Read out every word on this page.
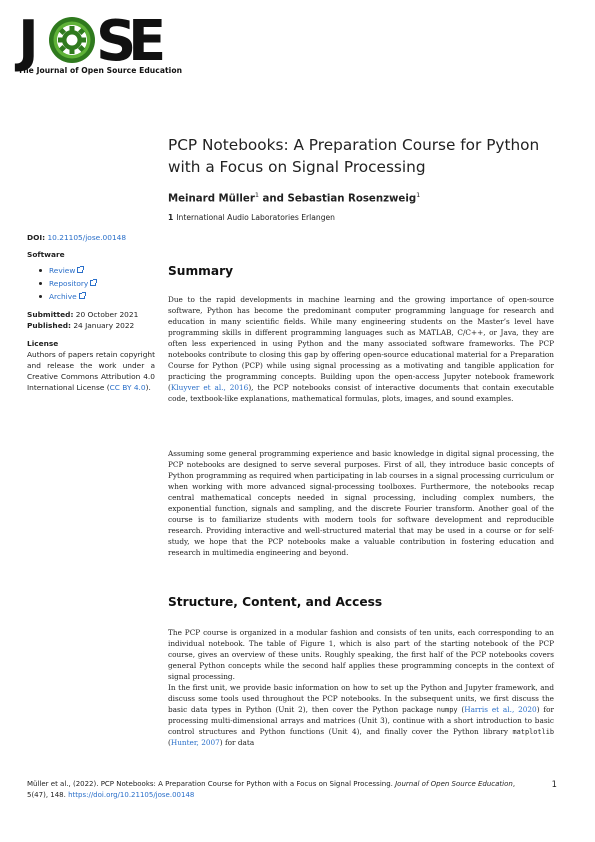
J S
E
The Journal of Open Source Education
PCP Notebooks: A Preparation Course for Python with a Focus on Signal Processing
Meinard Müller$^1$ and Sebastian Rosenzweig$^1$
1 International Audio Laboratories Erlangen
DOI: 10.21105/jose.00148
Software
Review
Repository
Archive
Submitted: 20 October 2021
Published: 24 January 2022
License
Authors of papers retain copyright and release the work under a Creative Commons Attribution 4.0 International License (CC BY 4.0).
Summary

Due to the rapid developments in machine learning and the growing importance of open-source software, Python has become the predominant computer programming language for research and education in many scientific fields. While many engineering students on the Master’s level have programming skills in different programming languages such as MATLAB, C/C++, or Java, they are often less experienced in using Python and the many associated software frameworks. The PCP notebooks contribute to closing this gap by offering open-source educational material for a Preparation Course for Python (PCP) while using signal processing as a motivating and tangible application for practicing the programming concepts. Building upon the open-access Jupyter notebook framework (Kluyver et al., 2016), the PCP notebooks consist of interactive documents that contain executable code, textbook-like explanations, mathematical formulas, plots, images, and sound examples.

Assuming some general programming experience and basic knowledge in digital signal processing, the PCP notebooks are designed to serve several purposes. First of all, they introduce basic concepts of Python programming as required when participating in lab courses in a signal processing curriculum or when working with more advanced signal-processing toolboxes. Furthermore, the notebooks recap central mathematical concepts needed in signal processing, including complex numbers, the exponential function, signals and sampling, and the discrete Fourier transform. Another goal of the course is to familiarize students with modern tools for software development and reproducible research. Providing interactive and well-structured material that may be used in a course or for self-study, we hope that the PCP notebooks make a valuable contribution in fostering education and research in multimedia engineering and beyond.

Structure, Content, and Access

The PCP course is organized in a modular fashion and consists of ten units, each corresponding to an individual notebook. The table of Figure 1, which is also part of the starting notebook of the PCP course, gives an overview of these units. Roughly speaking, the first half of the PCP notebooks covers general Python concepts while the second half applies these programming concepts in the context of signal processing.

In the first unit, we provide basic information on how to set up the Python and Jupyter framework, and discuss some tools used throughout the PCP notebooks. In the subsequent units, we first discuss the basic data types in Python (Unit 2), then cover the Python package numpy (Harris et al., 2020) for processing multi-dimensional arrays and matrices (Unit 3), continue with a short introduction to basic control structures and Python functions (Unit 4), and finally cover the Python library matplotlib (Hunter, 2007) for data

Müller et al., (2022). PCP Notebooks: A Preparation Course for Python with a Focus on Signal Processing. Journal of Open Source Education,
5(47), 148. https://doi.org/10.21105/jose.00148
1
